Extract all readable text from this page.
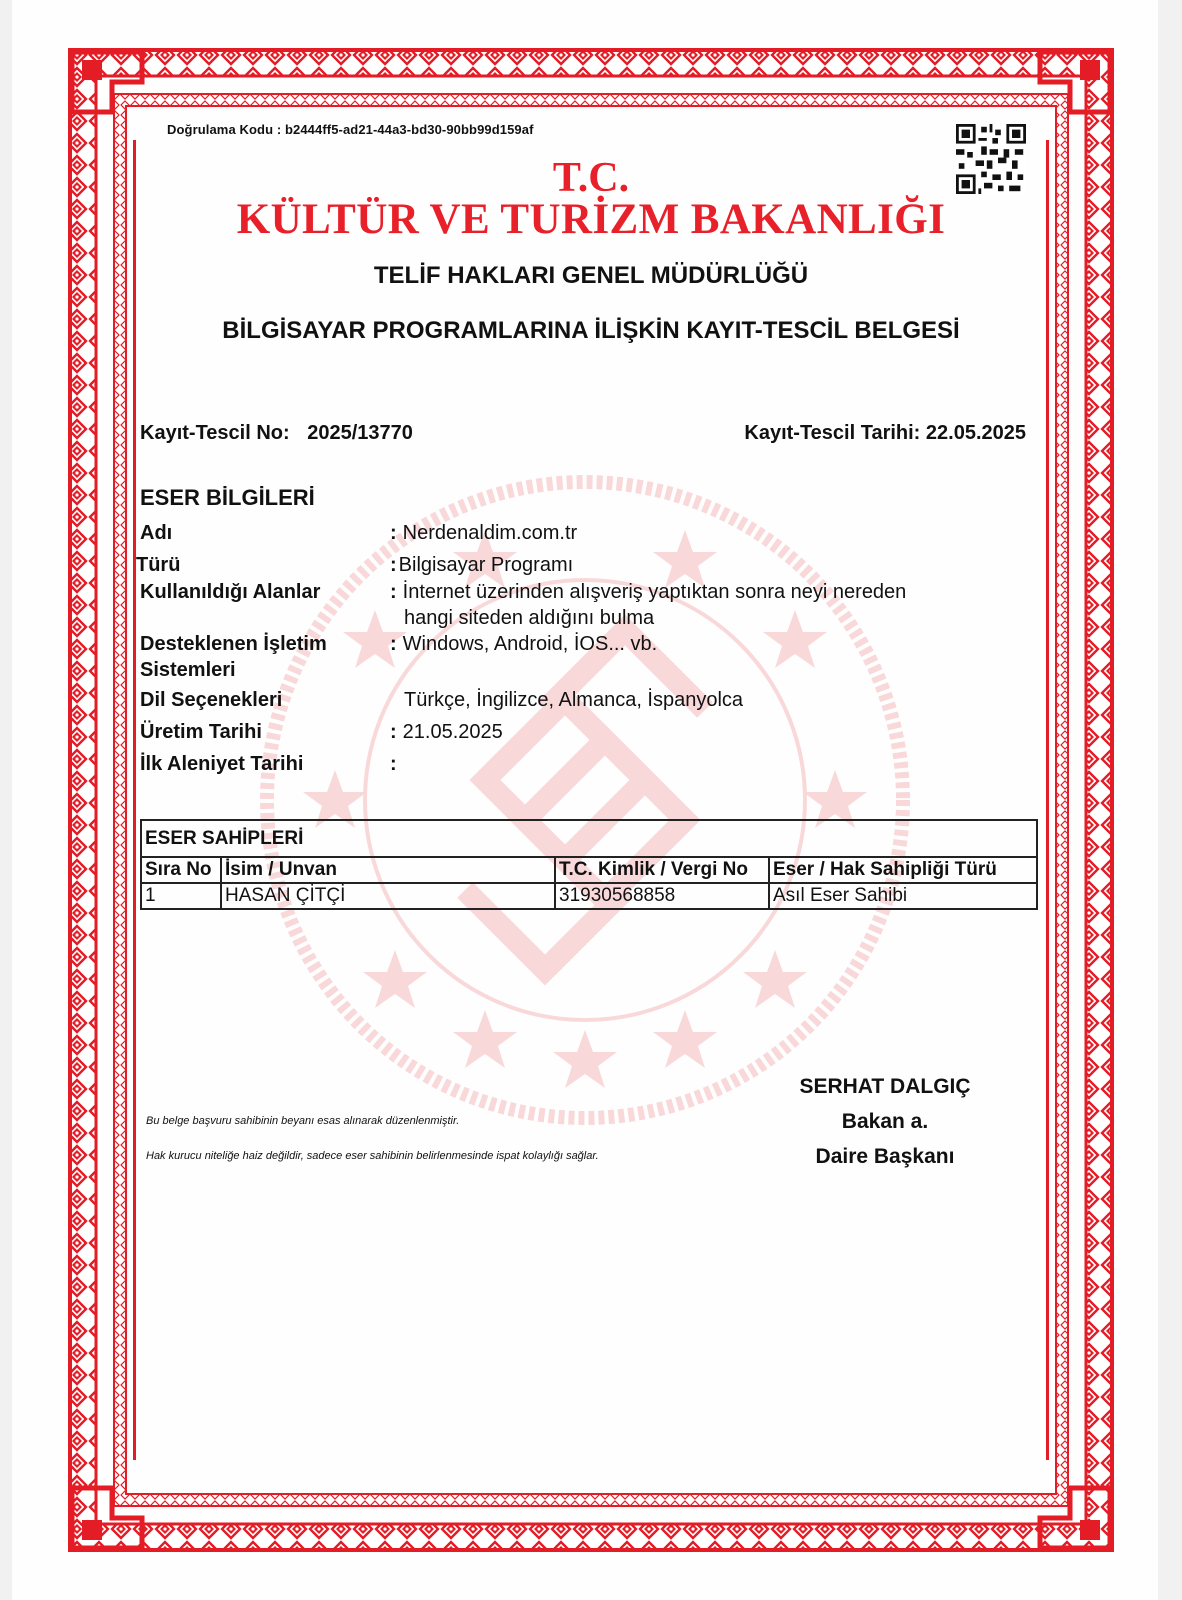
Doğrulama Kodu : b2444ff5-ad21-44a3-bd30-90bb99d159af
T.C.
KÜLTÜR VE TURİZM BAKANLIĞI
TELİF HAKLARI GENEL MÜDÜRLÜĞÜ
BİLGİSAYAR PROGRAMLARINA İLİŞKİN KAYIT-TESCİL BELGESİ
Kayıt-Tescil No: 2025/13770	Kayıt-Tescil Tarihi: 22.05.2025
ESER BİLGİLERİ
Adı	: Nerdenaldim.com.tr
Türü	: Bilgisayar Programı
Kullanıldığı Alanlar	: İnternet üzerinden alışveriş yaptıktan sonra neyi nereden
hangi siteden aldığını bulma
Desteklenen İşletim
Sistemleri
: Windows, Android, İOS... vb.
Dil Seçenekleri	Türkçe, İngilizce, Almanca, İspanyolca
Üretim Tarihi	: 21.05.2025
İlk Aleniyet Tarihi	:
ESER SAHİPLERİ			
Sıra No	İsim / Unvan	T.C. Kimlik / Vergi No	Eser / Hak Sahipliği Türü
1	HASAN ÇİTÇİ	31930568858	Asıl Eser Sahibi
Bu belge başvuru sahibinin beyanı esas alınarak düzenlenmiştir.
Hak kurucu niteliğe haiz değildir, sadece eser sahibinin belirlenmesinde ispat kolaylığı sağlar.
SERHAT DALGIÇ
Bakan a.
Daire Başkanı
